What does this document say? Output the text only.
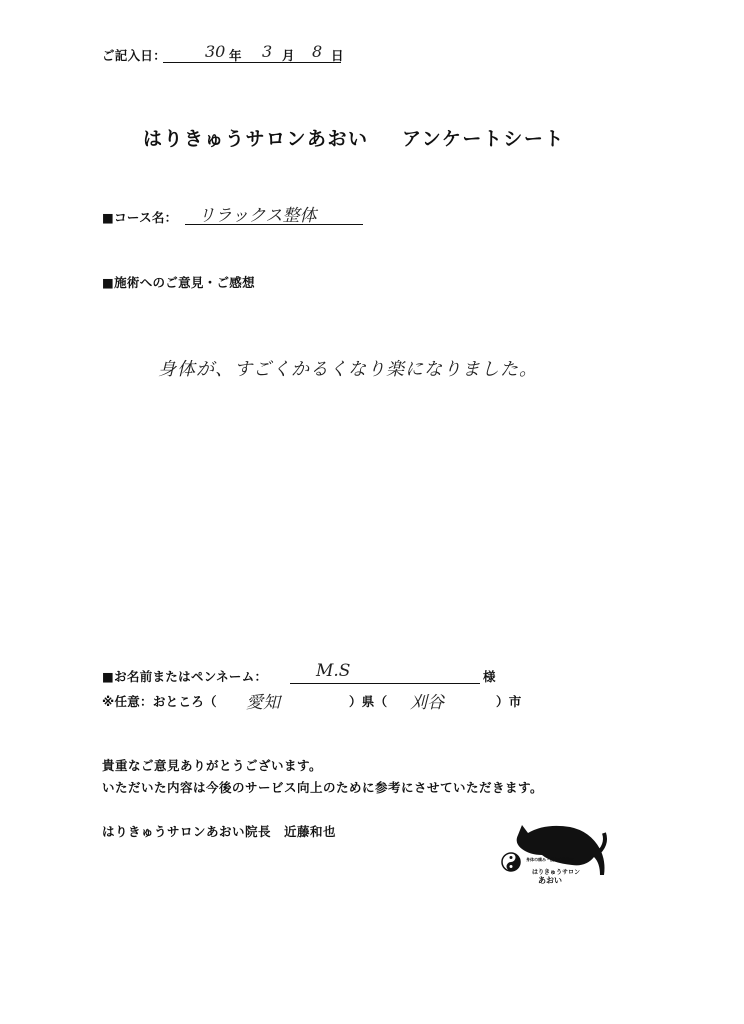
ご記入日： 30 年 3 月 8 日
はりきゅうサロンあおい アンケートシート
■コース名： リラックス整体
■施術へのご意見・ご感想
身体が、すごくかるくなり楽になりました。
■お名前またはペンネーム：	M.S	様
※任意：おところ（ 愛知	）県（ 刈谷	）市
貴重なご意見ありがとうございます。
いただいた内容は今後のサービス向上のために参考にさせていただきます。
はりきゅうサロンあおい院長　近藤和也
身体の痛み・疲れの改善に
はりきゅうサロン
あおい
